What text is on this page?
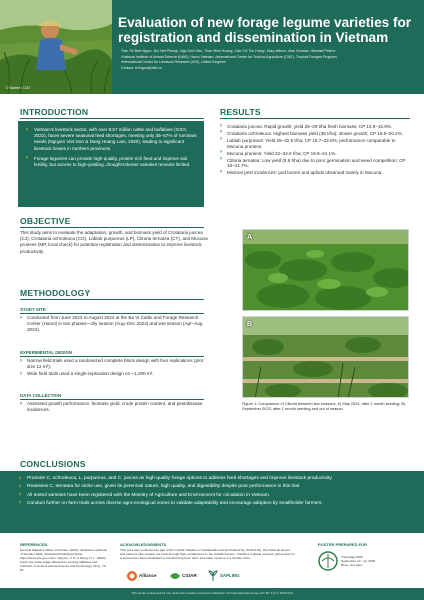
© Nabeel / CIAT
Evaluation of new forage legume varieties for registration and dissemination in Vietnam
Tran Thi Bich Ngoc¹, Bui Viet Phong¹, Ngo Dinh Tan¹, Than Minh Hoang¹, Dao Thi Thu Hang¹, Mary Atieno², Alan Duncan³, Michael Peters²
¹National Institute of Animal Science (NIAS), Hanoi Vietnam; ²International Center for Tropical Agriculture (CIAT), Tropical Forages Program;
³International Center for Livestock Research (ILRI), United Kingdom
Contact: tt.bngoc@vitel.vn
INTRODUCTION
› Vietnam's livestock sector, with over 8.57 million cattle and buffaloes (GSO, 2022), faces severe seasonal feed shortages, meeting only 35–57% of ruminant needs (Nguyen Viet Don & Dang Hoang Lam, 2020), leading to significant livestock losses in northern provinces.
› Forage legumes can provide high-quality, protein-rich feed and improve soil fertility, but access to high-yielding, drought-tolerant varieties remains limited.
OBJECTIVE
This study aims to evaluate the adaptation, growth, and biomass yield of Crotalaria juncea (CJ), Crotalaria ochroleuca (CO), Lablab purpureus (LP), Clitoria ternatea (CT), and Mucuna pruriens (MP, local check) for potential registration and dissemination to improve livestock productivity.
METHODOLOGY
STUDY SITE
› Conducted from June 2023 to August 2024 at the Ba Vi Cattle and Forage Research Center (Hanoi) in two phases—dry season (Aug–Dec 2023) and wet season (Apr–Aug 2024).
EXPERIMENTAL DESIGN
› Narrow field trials used a randomized complete block design with four replications (plot size 12 m²);
› Wide field trials used a single-replication design on ~1,200 m².
DATA COLLECTION
› Assessed growth performance, biomass yield, crude protein content, and pest/disease incidences.
RESULTS
› Crotalaria juncea: Rapid growth; yield 25–29 t/ha fresh biomass; CP 13.9–15.9%.
› Crotalaria ochroleuca: Highest biomass yield (38 t/ha); slower growth; CP 19.5–20.4%.
› Lablab purpureus: Yield 26–32.5 t/ha; CP 19.7–22.6%; performance comparable to Mucuna pruriens.
› Mucuna pruriens: Yield 22–34.8 t/ha; CP 18.9–24.1%.
› Clitoria ternatea: Low yield (5.8 t/ha) due to poor germination and weed competition; CP 18–21.7%.
› Minimal pest incidences: pod borers and aphids observed mainly in Mucuna.
A
B
Figure 1: Comparison of Clitoria between two seasons. A) May 2024, after 1 month seeding; B) September 2023, after 1 month seeding and out of season.
CONCLUSIONS
› Promote C. ochroleuca, L. purpureus, and C. juncea as high-quality forage options to address feed shortages and improve livestock productivity.
› Reassess C. ternatea for niche use, given its perennial nature, high quality, and digestibility despite poor performance in this trial.
› All tested varieties have been registered with the Ministry of Agriculture and Environment for circulation in Vietnam.
› Conduct further on-farm trials across diverse agro-ecological zones to validate adaptability and encourage adoption by smallholder farmers.
REFERENCES
General Statistics Office of Vietnam (2022). Statistical yearbook of Vietnam 2022. Statistical Publishing House. https://www.gso.gov.vn/en. Nguyen, V. D. & Dang, H. L. (2020). Fresh rice straw silage affected by ensiling additives and methods. Journal of Animal Science and Technology, 11(1), 74–81.
ACKNOWLEDGEMENTS
This work was conducted as part of the CGIAR Initiative on Sustainable Animal Productivity (SAPLING). We thank all donors and partners who support our work through their contributions to the CGIAR System. CGIAR is a global research partnership for a food-secure future dedicated to transforming food, land, and water systems in a climate crisis.
Alliance	CGIAR	SAPLING
POSTER PREPARED FOR
Tropentag 2025
September 10 - 12, 2025
Bonn, Germany
This poster is licensed for use under the Creative Commons Attribution 4.0 International License (CC BY 4.0) © 2025 ILRI
